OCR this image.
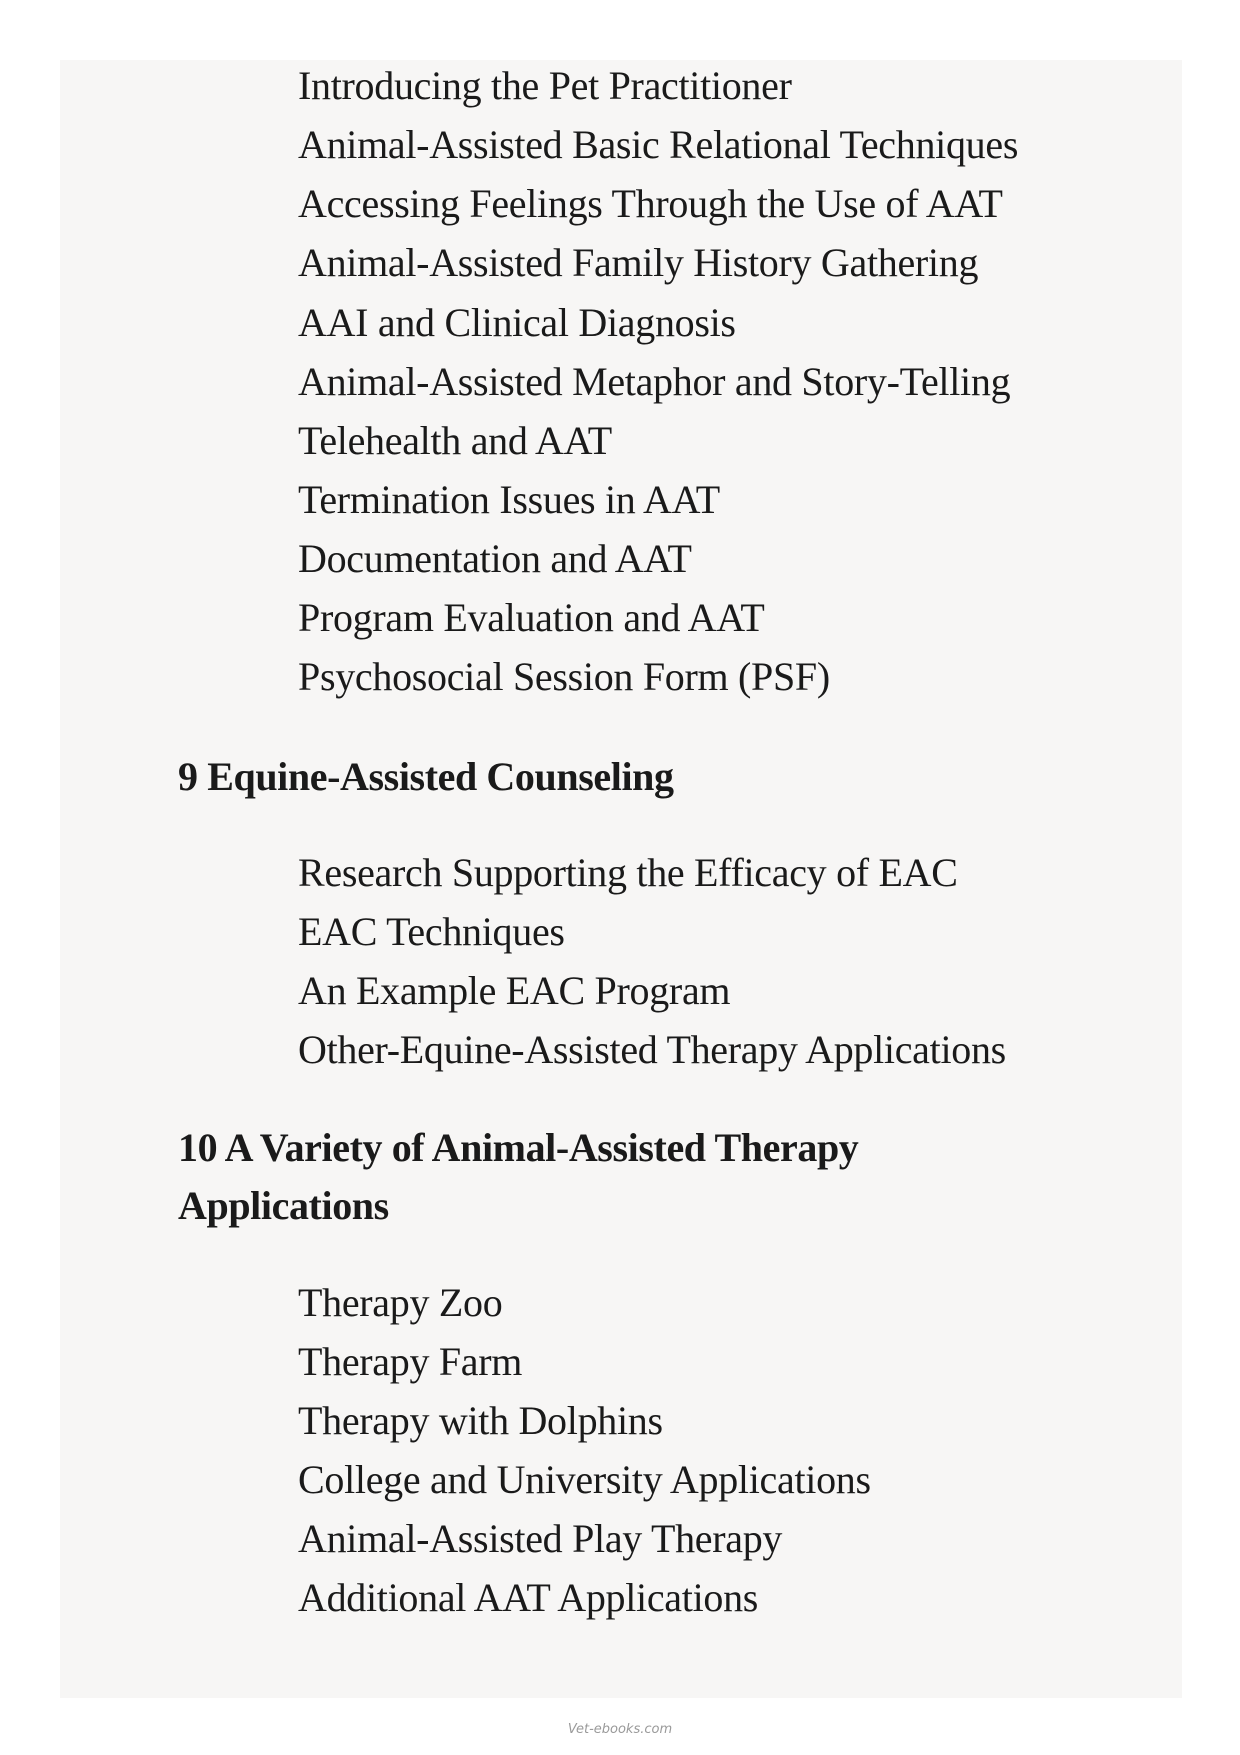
Introducing the Pet Practitioner
Animal-Assisted Basic Relational Techniques
Accessing Feelings Through the Use of AAT
Animal-Assisted Family History Gathering
AAI and Clinical Diagnosis
Animal-Assisted Metaphor and Story-Telling
Telehealth and AAT
Termination Issues in AAT
Documentation and AAT
Program Evaluation and AAT
Psychosocial Session Form (PSF)
9 Equine-Assisted Counseling
Research Supporting the Efficacy of EAC
EAC Techniques
An Example EAC Program
Other-Equine-Assisted Therapy Applications
10 A Variety of Animal-Assisted Therapy
Applications
Therapy Zoo
Therapy Farm
Therapy with Dolphins
College and University Applications
Animal-Assisted Play Therapy
Additional AAT Applications
Vet-ebooks.com
